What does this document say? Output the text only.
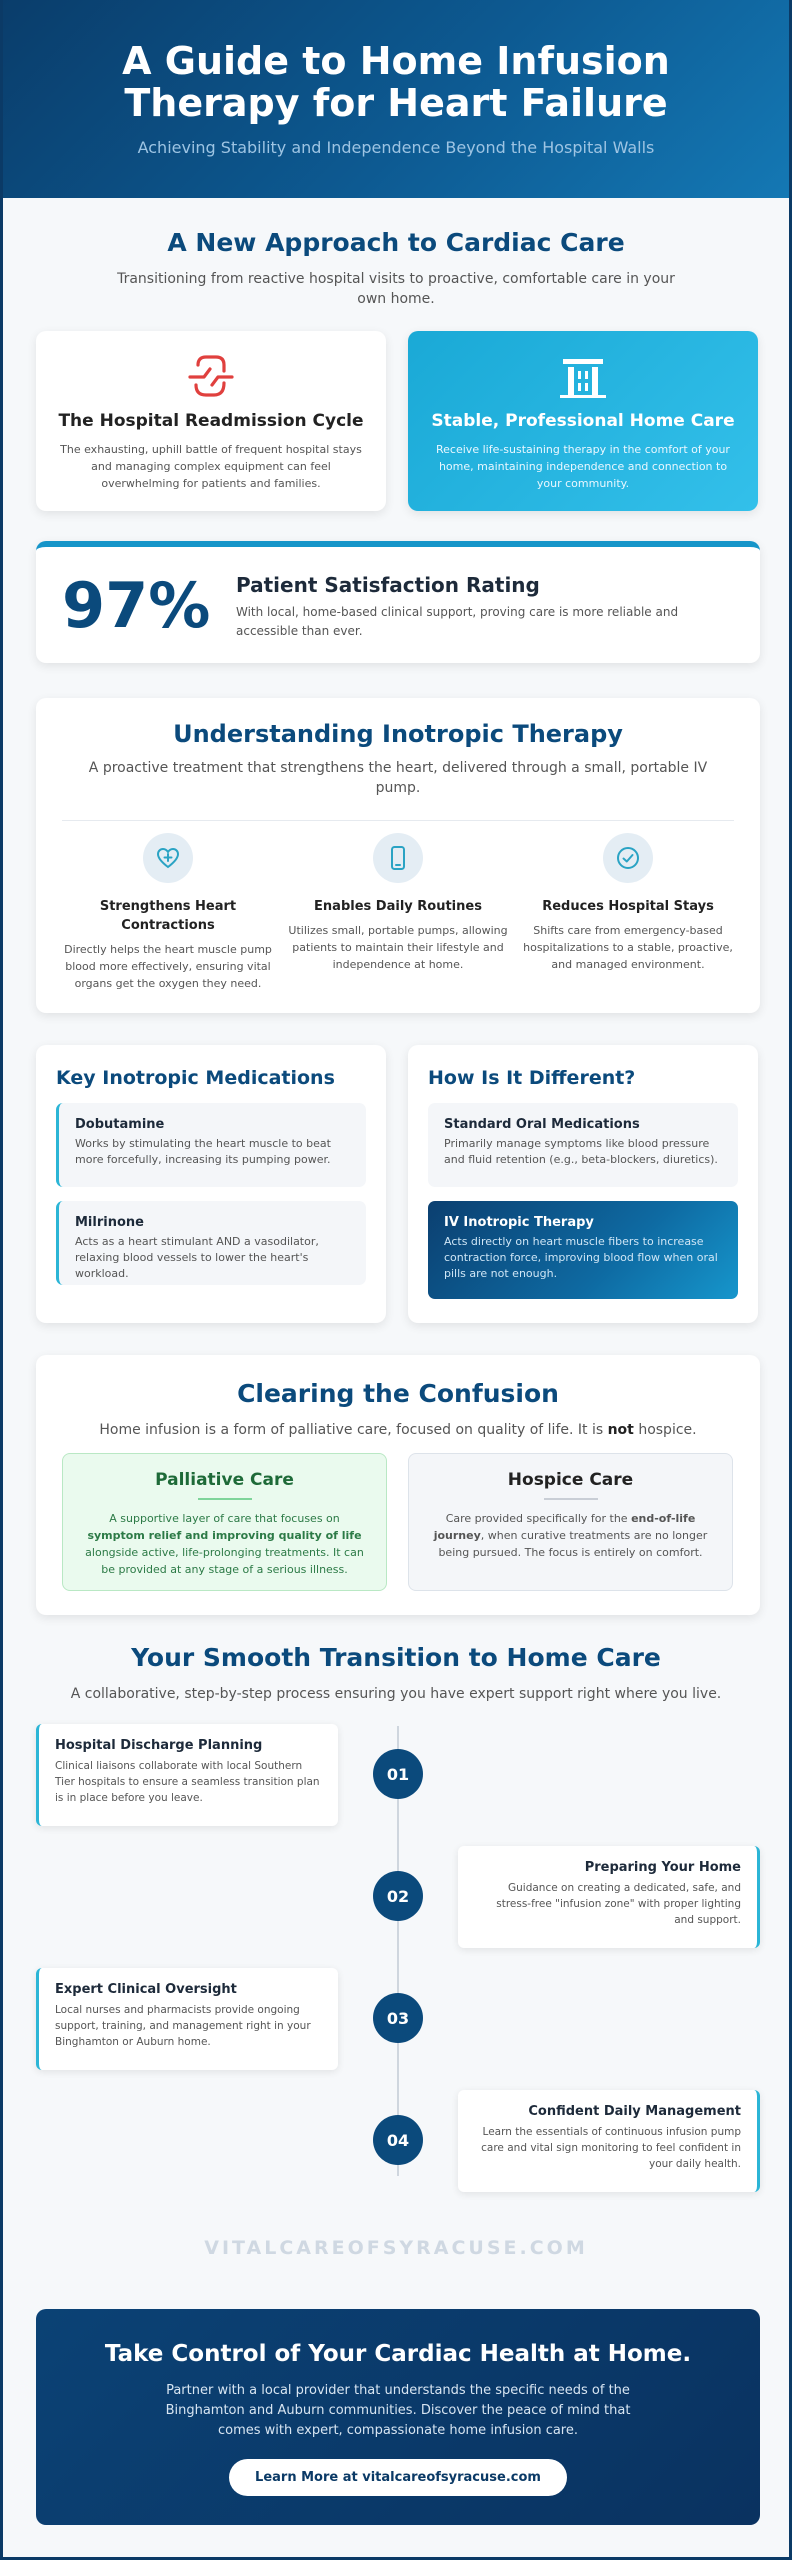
A Guide to Home Infusion Therapy for Heart Failure
Achieving Stability and Independence Beyond the Hospital Walls
A New Approach to Cardiac Care

Transitioning from reactive hospital visits to proactive, comfortable care in your own home.

The Hospital Readmission Cycle

The exhausting, uphill battle of frequent hospital stays and managing complex equipment can feel overwhelming for patients and families.

Stable, Professional Home Care

Receive life-sustaining therapy in the comfort of your home, maintaining independence and connection to your community.

97% Patient Satisfaction Rating

With local, home-based clinical support, proving care is more reliable and accessible than ever.

Understanding Inotropic Therapy

A proactive treatment that strengthens the heart, delivered through a small, portable IV pump.

Strengthens Heart Contractions

Directly helps the heart muscle pump blood more effectively, ensuring vital organs get the oxygen they need.

Enables Daily Routines

Utilizes small, portable pumps, allowing patients to maintain their lifestyle and independence at home.

Reduces Hospital Stays

Shifts care from emergency-based hospitalizations to a stable, proactive, and managed environment.

Key Inotropic Medications
Dobutamine

Works by stimulating the heart muscle to beat more forcefully, increasing its pumping power.

Milrinone

Acts as a heart stimulant AND a vasodilator, relaxing blood vessels to lower the heart's workload.

How Is It Different?
Standard Oral Medications

Primarily manage symptoms like blood pressure and fluid retention (e.g., beta-blockers, diuretics).

IV Inotropic Therapy

Acts directly on heart muscle fibers to increase contraction force, improving blood flow when oral pills are not enough.

Clearing the Confusion

Home infusion is a form of palliative care, focused on quality of life. It is not hospice.

Palliative Care

A supportive layer of care that focuses on symptom relief and improving quality of life alongside active, life-prolonging treatments. It can be provided at any stage of a serious illness.

Hospice Care

Care provided specifically for the end-of-life journey, when curative treatments are no longer being pursued. The focus is entirely on comfort.

Your Smooth Transition to Home Care

A collaborative, step-by-step process ensuring you have expert support right where you live.

Hospital Discharge Planning

Clinical liaisons collaborate with local Southern Tier hospitals to ensure a seamless transition plan is in place before you leave.

01
Preparing Your Home

Guidance on creating a dedicated, safe, and stress-free "infusion zone" with proper lighting and support.

02
Expert Clinical Oversight

Local nurses and pharmacists provide ongoing support, training, and management right in your Binghamton or Auburn home.

03
Confident Daily Management

Learn the essentials of continuous infusion pump care and vital sign monitoring to feel confident in your daily health.

04
VITALCAREOFSYRACUSE.COM
Take Control of Your Cardiac Health at Home.

Partner with a local provider that understands the specific needs of the Binghamton and Auburn communities. Discover the peace of mind that comes with expert, compassionate home infusion care.

Learn More at vitalcareofsyracuse.com
